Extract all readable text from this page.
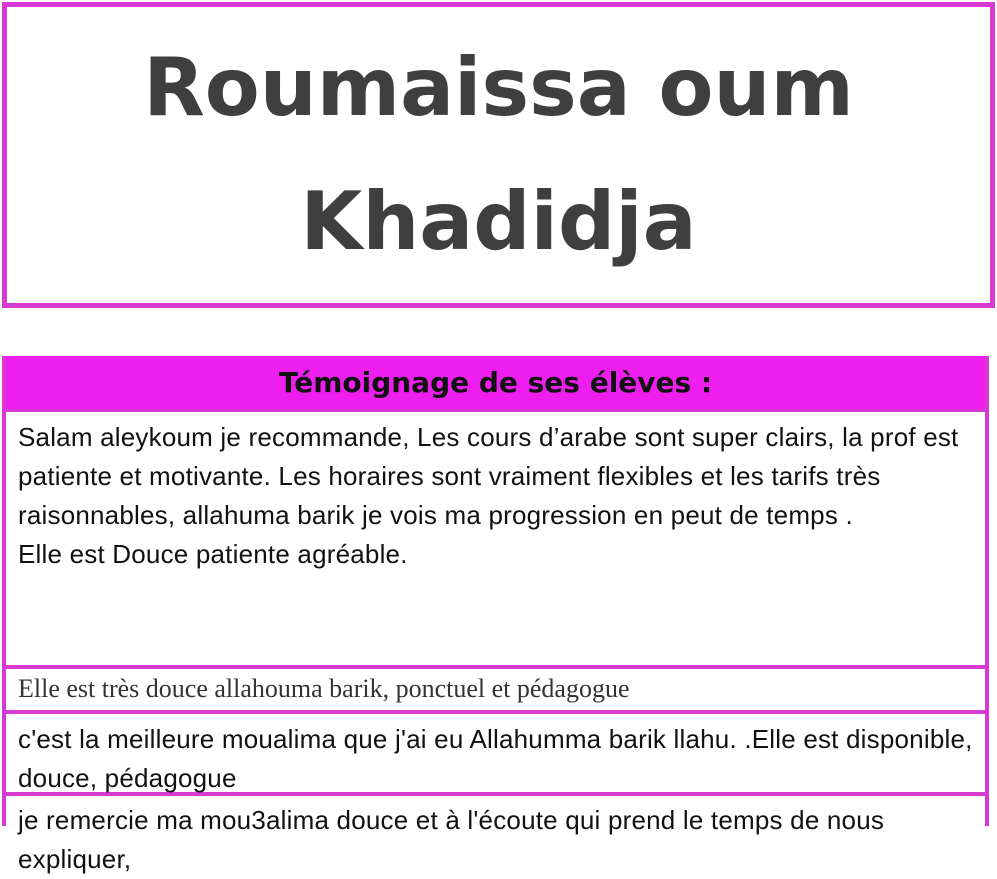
Roumaissa oum Khadidja
Témoignage de ses élèves :

Salam aleykoum je recommande, Les cours d’arabe sont super clairs, la prof est patiente et motivante. Les horaires sont vraiment flexibles et les tarifs très raisonnables, allahuma barik je vois ma progression en peut de temps .

Elle est Douce patiente agréable.

Elle est très douce allahouma barik, ponctuel et pédagogue

c'est la meilleure moualima que j'ai eu Allahumma barik llahu. .Elle est disponible, douce, pédagogue

je remercie ma mou3alima douce et à l'écoute qui prend le temps de nous expliquer,
